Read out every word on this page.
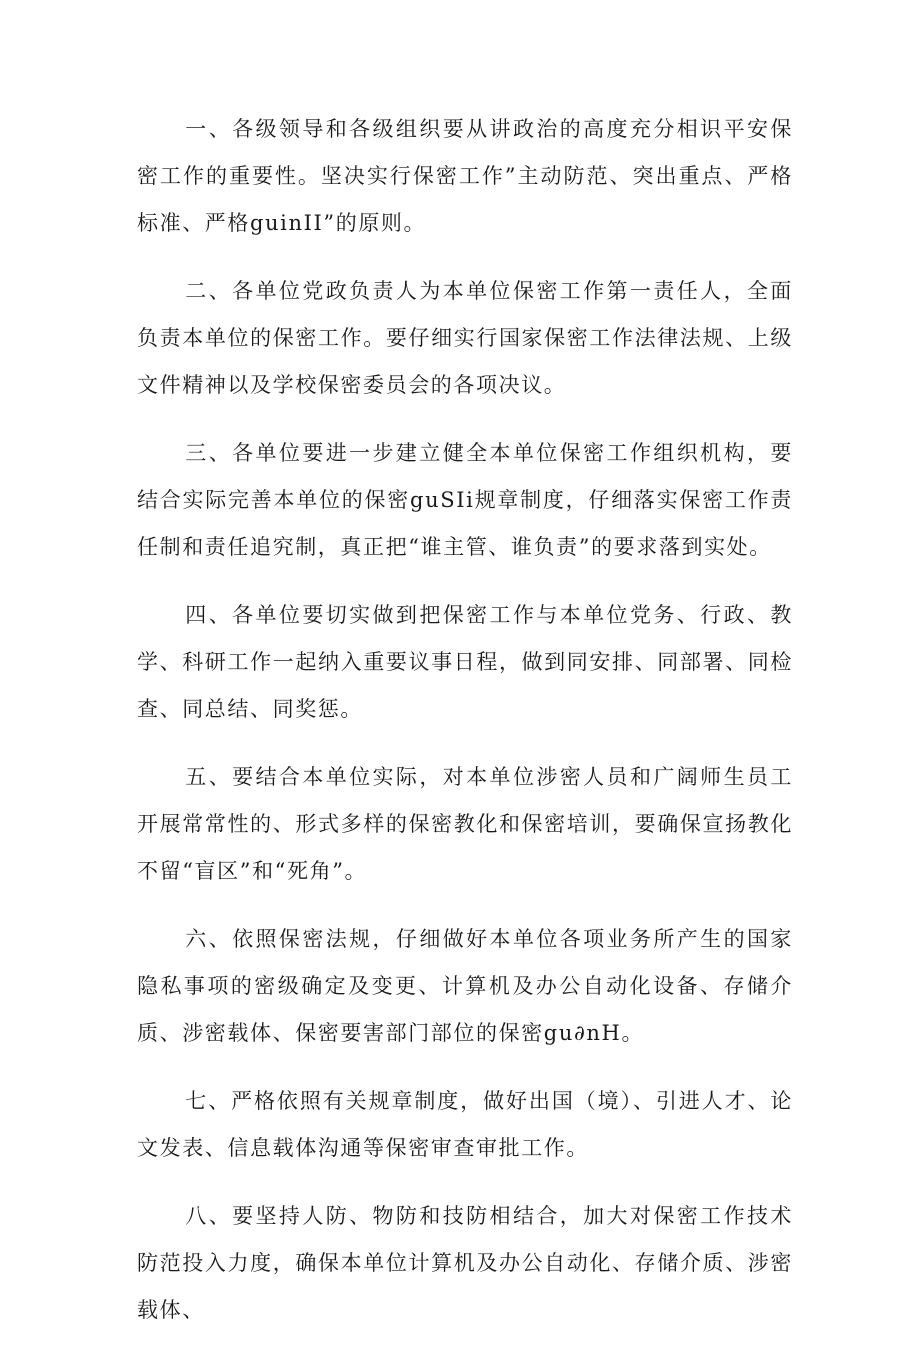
一、各级领导和各级组织要从讲政治的高度充分相识平安保密工作的重要性。坚决实行保密工作”主动防范、突出重点、严格标准、严格guinII”的原则。

二、各单位党政负责人为本单位保密工作第一责任人，全面负责本单位的保密工作。要仔细实行国家保密工作法律法规、上级文件精神以及学校保密委员会的各项决议。

三、各单位要进一步建立健全本单位保密工作组织机构，要结合实际完善本单位的保密guSIi规章制度，仔细落实保密工作责任制和责任追究制，真正把“谁主管、谁负责”的要求落到实处。

四、各单位要切实做到把保密工作与本单位党务、行政、教学、科研工作一起纳入重要议事日程，做到同安排、同部署、同检查、同总结、同奖惩。

五、要结合本单位实际，对本单位涉密人员和广阔师生员工开展常常性的、形式多样的保密教化和保密培训，要确保宣扬教化不留“盲区”和“死角”。

六、依照保密法规，仔细做好本单位各项业务所产生的国家隐私事项的密级确定及变更、计算机及办公自动化设备、存储介质、涉密载体、保密要害部门部位的保密gu∂nH。

七、严格依照有关规章制度，做好出国（境）、引进人才、论文发表、信息载体沟通等保密审查审批工作。

八、要坚持人防、物防和技防相结合，加大对保密工作技术防范投入力度，确保本单位计算机及办公自动化、存储介质、涉密载体、
